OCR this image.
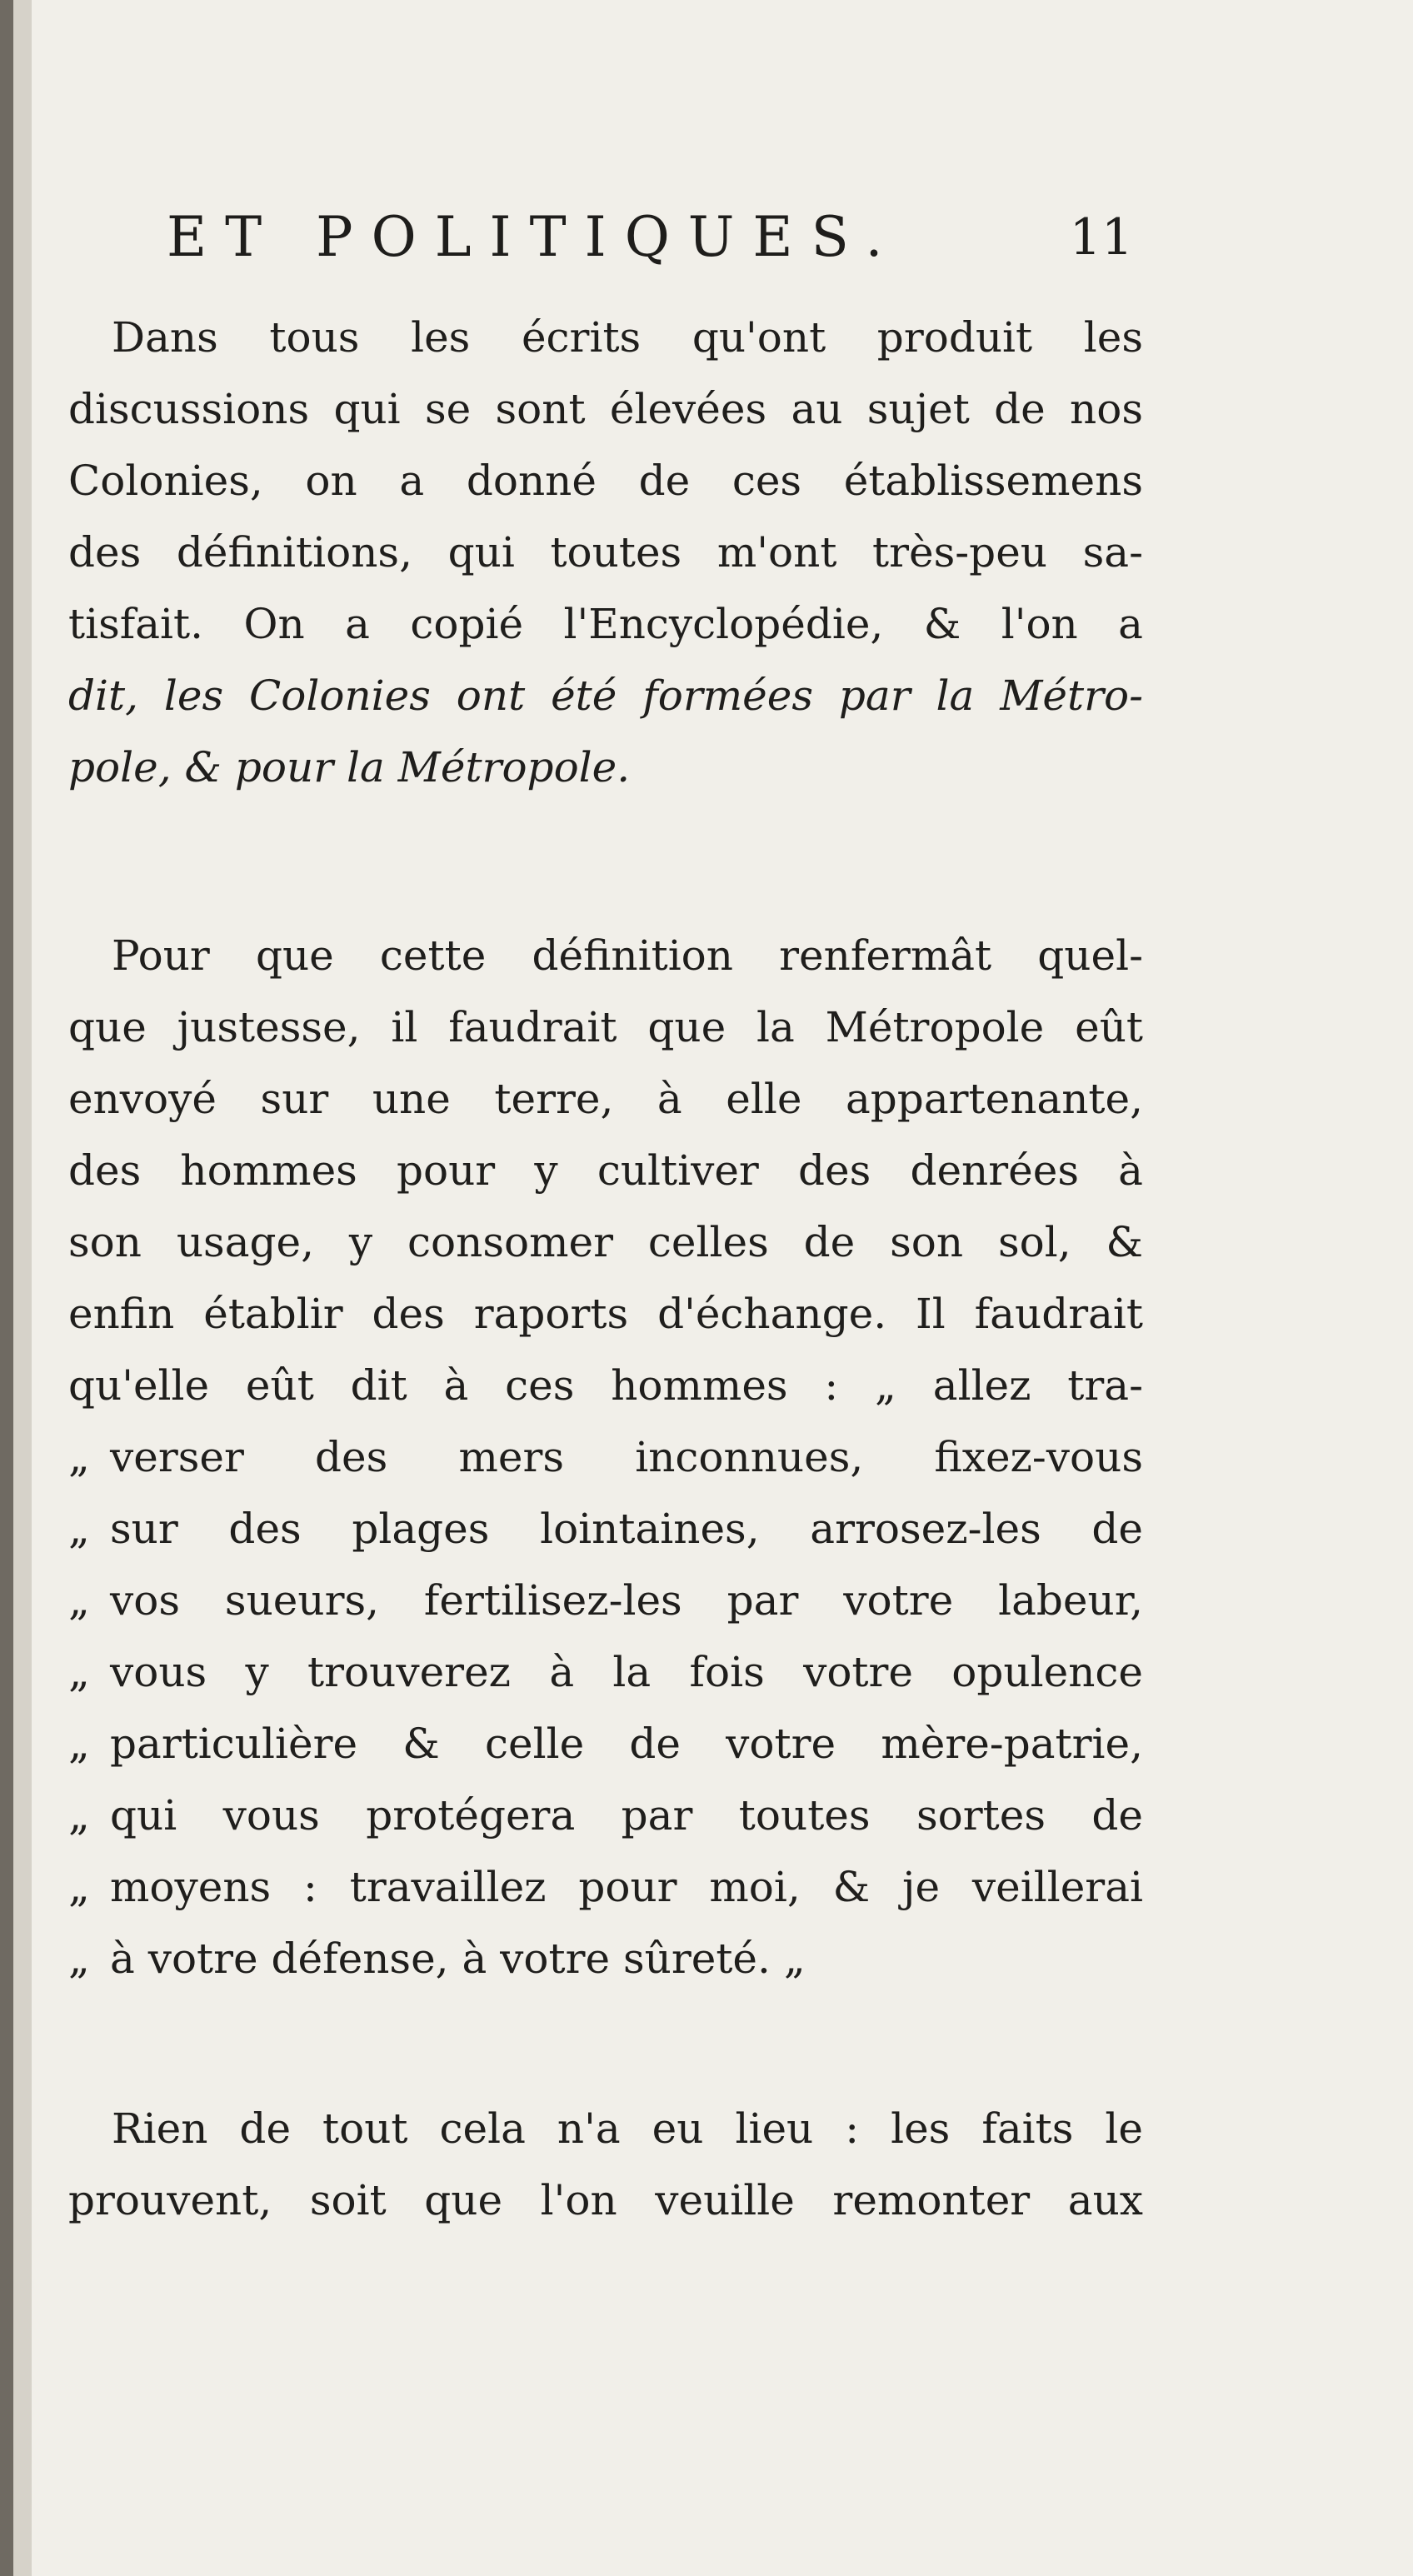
ET POLITIQUES.	11
Dans tous les écrits qu'ont produit les
discussions qui se sont élevées au sujet de nos
Colonies, on a donné de ces établissemens
des définitions, qui toutes m'ont très-peu sa-
tisfait. On a copié l'Encyclopédie, & l'on a
dit, les Colonies ont été formées par la Métro-
pole, & pour la Métropole.
Pour que cette définition renfermât quel-
que justesse, il faudrait que la Métropole eût
envoyé sur une terre, à elle appartenante,
des hommes pour y cultiver des denrées à
son usage, y consomer celles de son sol, &
enfin établir des raports d'échange. Il faudrait
qu'elle eût dit à ces hommes : „ allez tra-
„ verser des mers inconnues, fixez-vous
„ sur des plages lointaines, arrosez-les de
„ vos sueurs, fertilisez-les par votre labeur,
„ vous y trouverez à la fois votre opulence
„ particulière & celle de votre mère-patrie,
„ qui vous protégera par toutes sortes de
„ moyens : travaillez pour moi, & je veillerai
„ à votre défense, à votre sûreté. „
Rien de tout cela n'a eu lieu : les faits le
prouvent, soit que l'on veuille remonter aux
